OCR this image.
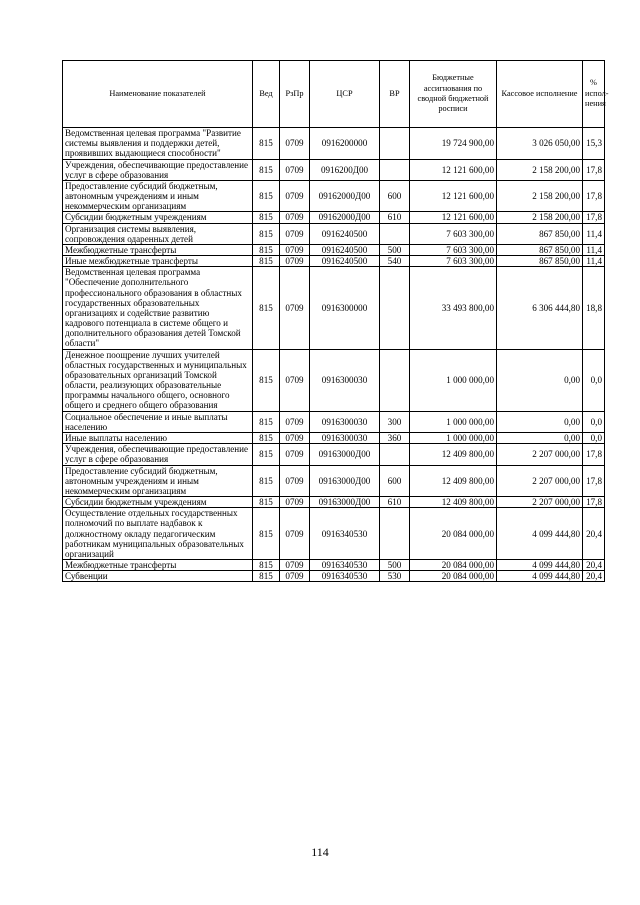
Наименование показателей	Вед	РзПр	ЦСР	ВР	Бюджетные ассигнования по сводной бюджетной росписи	Кассовое исполнение	% испол-нения
Ведомственная целевая программа "Развитие системы выявления и поддержки детей, проявивших выдающиеся способности"	815	0709	0916200000		19 724 900,00	3 026 050,00	15,3
Учреждения, обеспечивающие предоставление услуг в сфере образования	815	0709	0916200Д00		12 121 600,00	2 158 200,00	17,8
Предоставление субсидий бюджетным, автономным учреждениям и иным некоммерческим организациям	815	0709	09162000Д00	600	12 121 600,00	2 158 200,00	17,8
Субсидии бюджетным учреждениям	815	0709	09162000Д00	610	12 121 600,00	2 158 200,00	17,8
Организация системы выявления, сопровождения одаренных детей	815	0709	0916240500		7 603 300,00	867 850,00	11,4
Межбюджетные трансферты	815	0709	0916240500	500	7 603 300,00	867 850,00	11,4
Иные межбюджетные трансферты	815	0709	0916240500	540	7 603 300,00	867 850,00	11,4
Ведомственная целевая программа "Обеспечение дополнительного профессионального образования в областных государственных образовательных организациях и содействие развитию кадрового потенциала в системе общего и дополнительного образования детей Томской области"	815	0709	0916300000		33 493 800,00	6 306 444,80	18,8
Денежное поощрение лучших учителей областных государственных и муниципальных образовательных организаций Томской области, реализующих образовательные программы начального общего, основного общего и среднего общего образования	815	0709	0916300030		1 000 000,00	0,00	0,0
Социальное обеспечение и иные выплаты населению	815	0709	0916300030	300	1 000 000,00	0,00	0,0
Иные выплаты населению	815	0709	0916300030	360	1 000 000,00	0,00	0,0
Учреждения, обеспечивающие предоставление услуг в сфере образования	815	0709	09163000Д00		12 409 800,00	2 207 000,00	17,8
Предоставление субсидий бюджетным, автономным учреждениям и иным некоммерческим организациям	815	0709	09163000Д00	600	12 409 800,00	2 207 000,00	17,8
Субсидии бюджетным учреждениям	815	0709	09163000Д00	610	12 409 800,00	2 207 000,00	17,8
Осуществление отдельных государственных полномочий по выплате надбавок к должностному окладу педагогическим работникам муниципальных образовательных организаций	815	0709	0916340530		20 084 000,00	4 099 444,80	20,4
Межбюджетные трансферты	815	0709	0916340530	500	20 084 000,00	4 099 444,80	20,4
Субвенции	815	0709	0916340530	530	20 084 000,00	4 099 444,80	20,4
114
